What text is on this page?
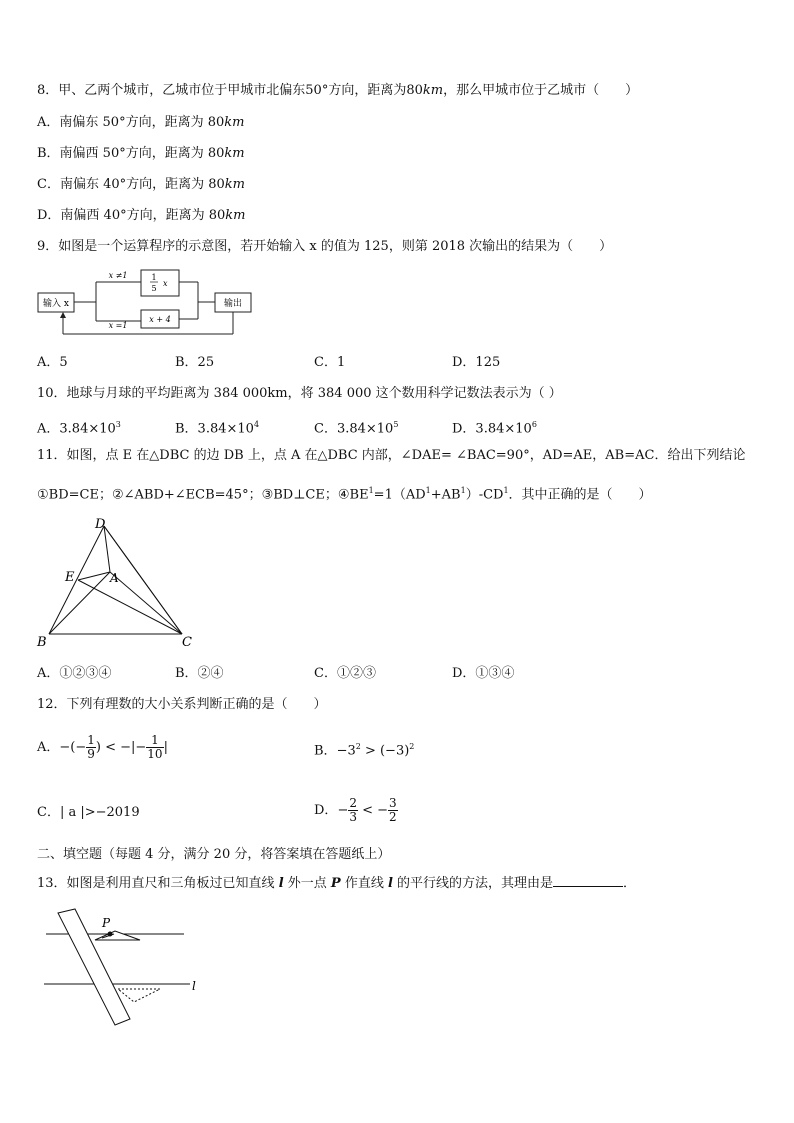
8．甲、乙两个城市，乙城市位于甲城市北偏东50°方向，距离为80km，那么甲城市位于乙城市（　　）
A．南偏东 50°方向，距离为 80km
B．南偏西 50°方向，距离为 80km
C．南偏东 40°方向，距离为 80km
D．南偏西 40°方向，距离为 80km
9．如图是一个运算程序的示意图，若开始输入 x 的值为 125，则第 2018 次输出的结果为（　　）
输入 x	输出
1
5
x
x + 4
x ≠1
x =1
A．5	B．25	C．1	D．125
10．地球与月球的平均距离为 384 000km，将 384 000 这个数用科学记数法表示为（ ）
A．$3.84\times 10^3$	B．$3.84\times 10^4$	C．$3.84\times 10^5$	D．$3.84\times 10^6$
11．如图，点 E 在△DBC 的边 DB 上，点 A 在△DBC 内部，∠DAE= ∠BAC=90°，AD=AE，AB=AC．给出下列结论
①BD=CE；②∠ABD+∠ECB=45°；③BD⊥CE；$④BE^1=1(AD^1+AB^1)-CD^1$．其中正确的是（　　）
D
E	A
B	C
A．①②③④	B．②④	C．①②③	D．①③④
12．下列有理数的大小关系判断正确的是（　　）
A．−(− $\frac{1}{9}$ ) < −|− $\frac{1}{10}$ |	B．$-3^2 > (-3)^2$
C．| a |>−2019	D．− $\frac{2}{3}$ < − $\frac{3}{2}$
二、填空题（每题 4 分，满分 20 分，将答案填在答题纸上）
13．如图是利用直尺和三角板过已知直线 l 外一点 P 作直线 l 的平行线的方法，其理由是	．
P
l
